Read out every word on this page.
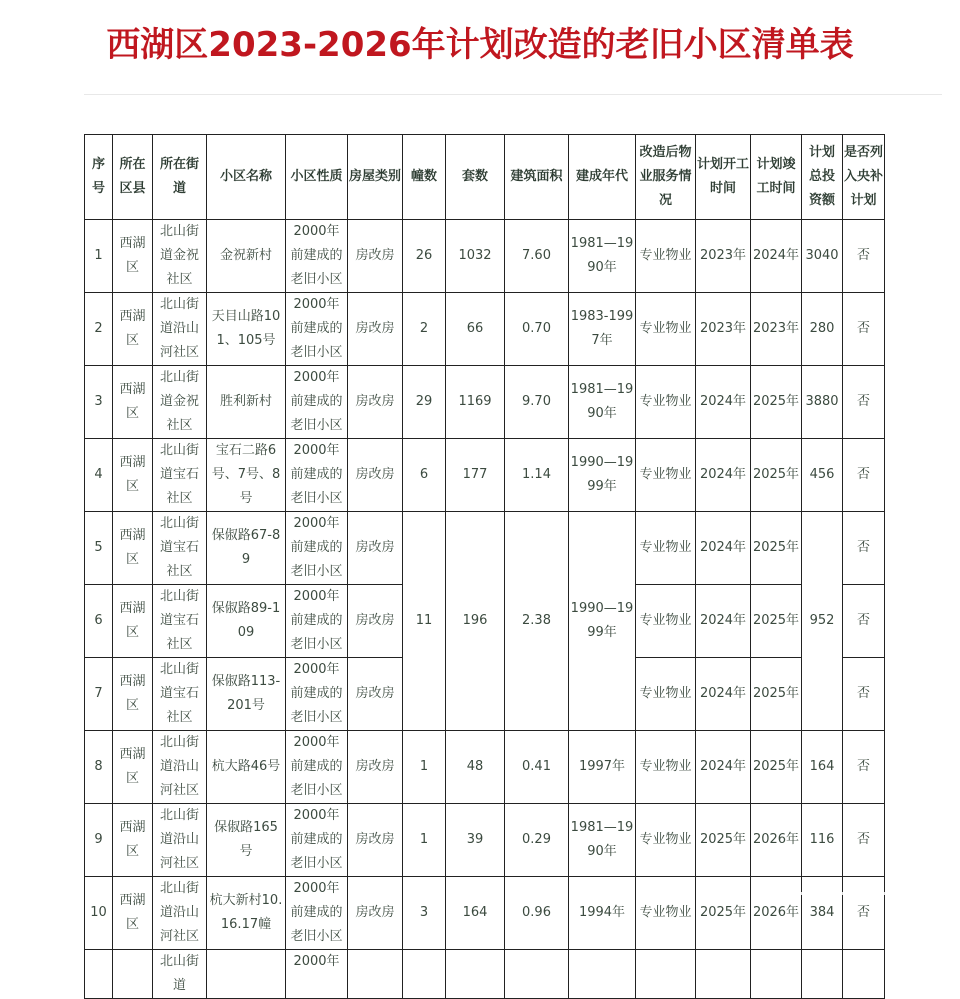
西湖区2023-2026年计划改造的老旧小区清单表
序号	所在区县	所在街道	小区名称	小区性质	房屋类别	幢数	套数	建筑面积	建成年代	改造后物业服务情况	计划开工时间	计划竣工时间	计划总投资额	是否列入央补计划
1	西湖区	北山街道金祝社区	金祝新村	2000年前建成的老旧小区	房改房	26	1032	7.60	1981—1990年	专业物业	2023年	2024年	3040	否
2	西湖区	北山街道沿山河社区	天目山路101、105号	2000年前建成的老旧小区	房改房	2	66	0.70	1983-1997年	专业物业	2023年	2023年	280	否
3	西湖区	北山街道金祝社区	胜利新村	2000年前建成的老旧小区	房改房	29	1169	9.70	1981—1990年	专业物业	2024年	2025年	3880	否
4	西湖区	北山街道宝石社区	宝石二路6号、7号、8号	2000年前建成的老旧小区	房改房	6	177	1.14	1990—1999年	专业物业	2024年	2025年	456	否
5	西湖区	北山街道宝石社区	保俶路67-89	2000年前建成的老旧小区	房改房	11	196	2.38	1990—1999年	专业物业	2024年	2025年	952	否
6	西湖区	北山街道宝石社区	保俶路89-109	2000年前建成的老旧小区	房改房					专业物业	2024年	2025年		否
7	西湖区	北山街道宝石社区	保俶路113-201号	2000年前建成的老旧小区	房改房					专业物业	2024年	2025年		否
8	西湖区	北山街道沿山河社区	杭大路46号	2000年前建成的老旧小区	房改房	1	48	0.41	1997年	专业物业	2024年	2025年	164	否
9	西湖区	北山街道沿山河社区	保俶路165号	2000年前建成的老旧小区	房改房	1	39	0.29	1981—1990年	专业物业	2025年	2026年	116	否
10	西湖区	北山街道沿山河社区	杭大新村10.16.17幢	2000年前建成的老旧小区	房改房	3	164	0.96	1994年	专业物业	2025年	2026年	384	否
		北山街道		2000年										
